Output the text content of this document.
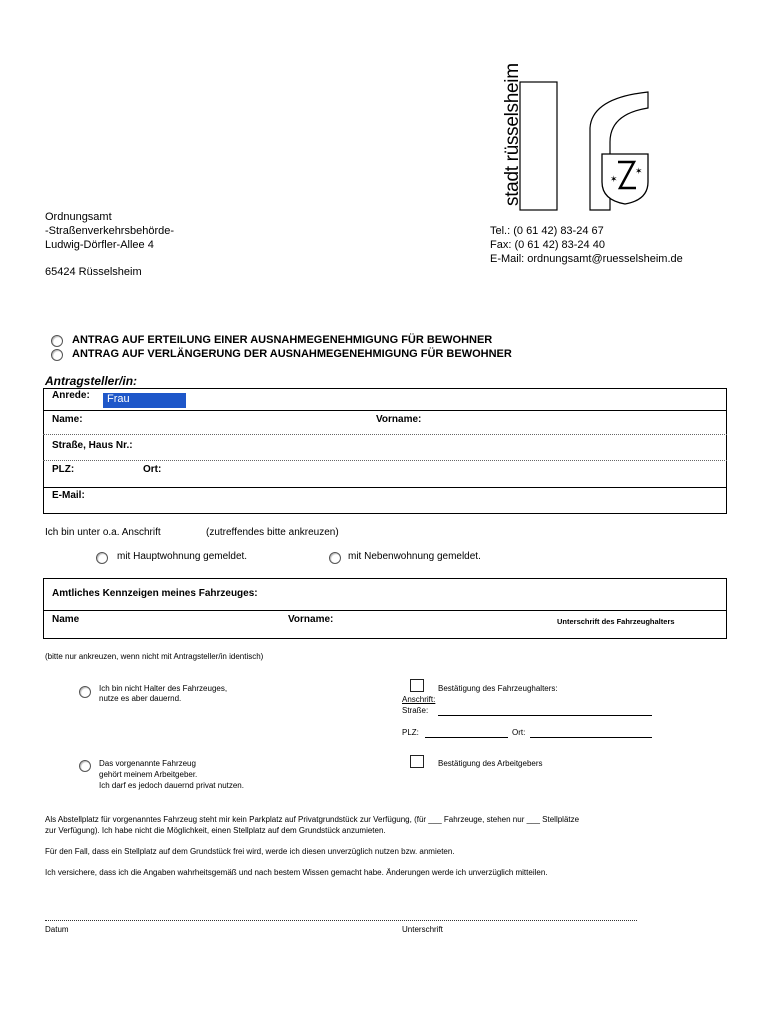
✶
✶
stadt rüsselsheim
Ordnungsamt
-Straßenverkehrsbehörde-
Ludwig-Dörfler-Allee 4
65424 Rüsselsheim
Tel.: (0 61 42) 83-24 67
Fax: (0 61 42) 83-24 40
E-Mail: ordnungsamt@ruesselsheim.de
ANTRAG AUF ERTEILUNG EINER AUSNAHMEGENEHMIGUNG FÜR BEWOHNER
ANTRAG AUF VERLÄNGERUNG DER AUSNAHMEGENEHMIGUNG FÜR BEWOHNER
Antragsteller/in:
Anrede: Frau
Name:	Vorname:
Straße, Haus Nr.:
PLZ:	Ort:
E-Mail:
Ich bin unter o.a. Anschrift	(zutreffendes bitte ankreuzen)
mit Hauptwohnung gemeldet.	mit Nebenwohnung gemeldet.
Amtliches Kennzeigen meines Fahrzeuges:
Name	Vorname:	Unterschrift des Fahrzeughalters
(bitte nur ankreuzen, wenn nicht mit Antragsteller/in identisch)
Ich bin nicht Halter des Fahrzeuges,
nutze es aber dauernd.
Bestätigung des Fahrzeughalters:
Anschrift:
Straße:
PLZ:	Ort:
Das vorgenannte Fahrzeug
gehört meinem Arbeitgeber.
Ich darf es jedoch dauernd privat nutzen.
Bestätigung des Arbeitgebers
Als Abstellplatz für vorgenanntes Fahrzeug steht mir kein Parkplatz auf Privatgrundstück zur Verfügung, (für ___ Fahrzeuge, stehen nur ___ Stellplätze
zur Verfügung). Ich habe nicht die Möglichkeit, einen Stellplatz auf dem Grundstück anzumieten.
Für den Fall, dass ein Stellplatz auf dem Grundstück frei wird, werde ich diesen unverzüglich nutzen bzw. anmieten.
Ich versichere, dass ich die Angaben wahrheitsgemäß und nach bestem Wissen gemacht habe. Änderungen werde ich unverzüglich mitteilen.
Datum	Unterschrift
